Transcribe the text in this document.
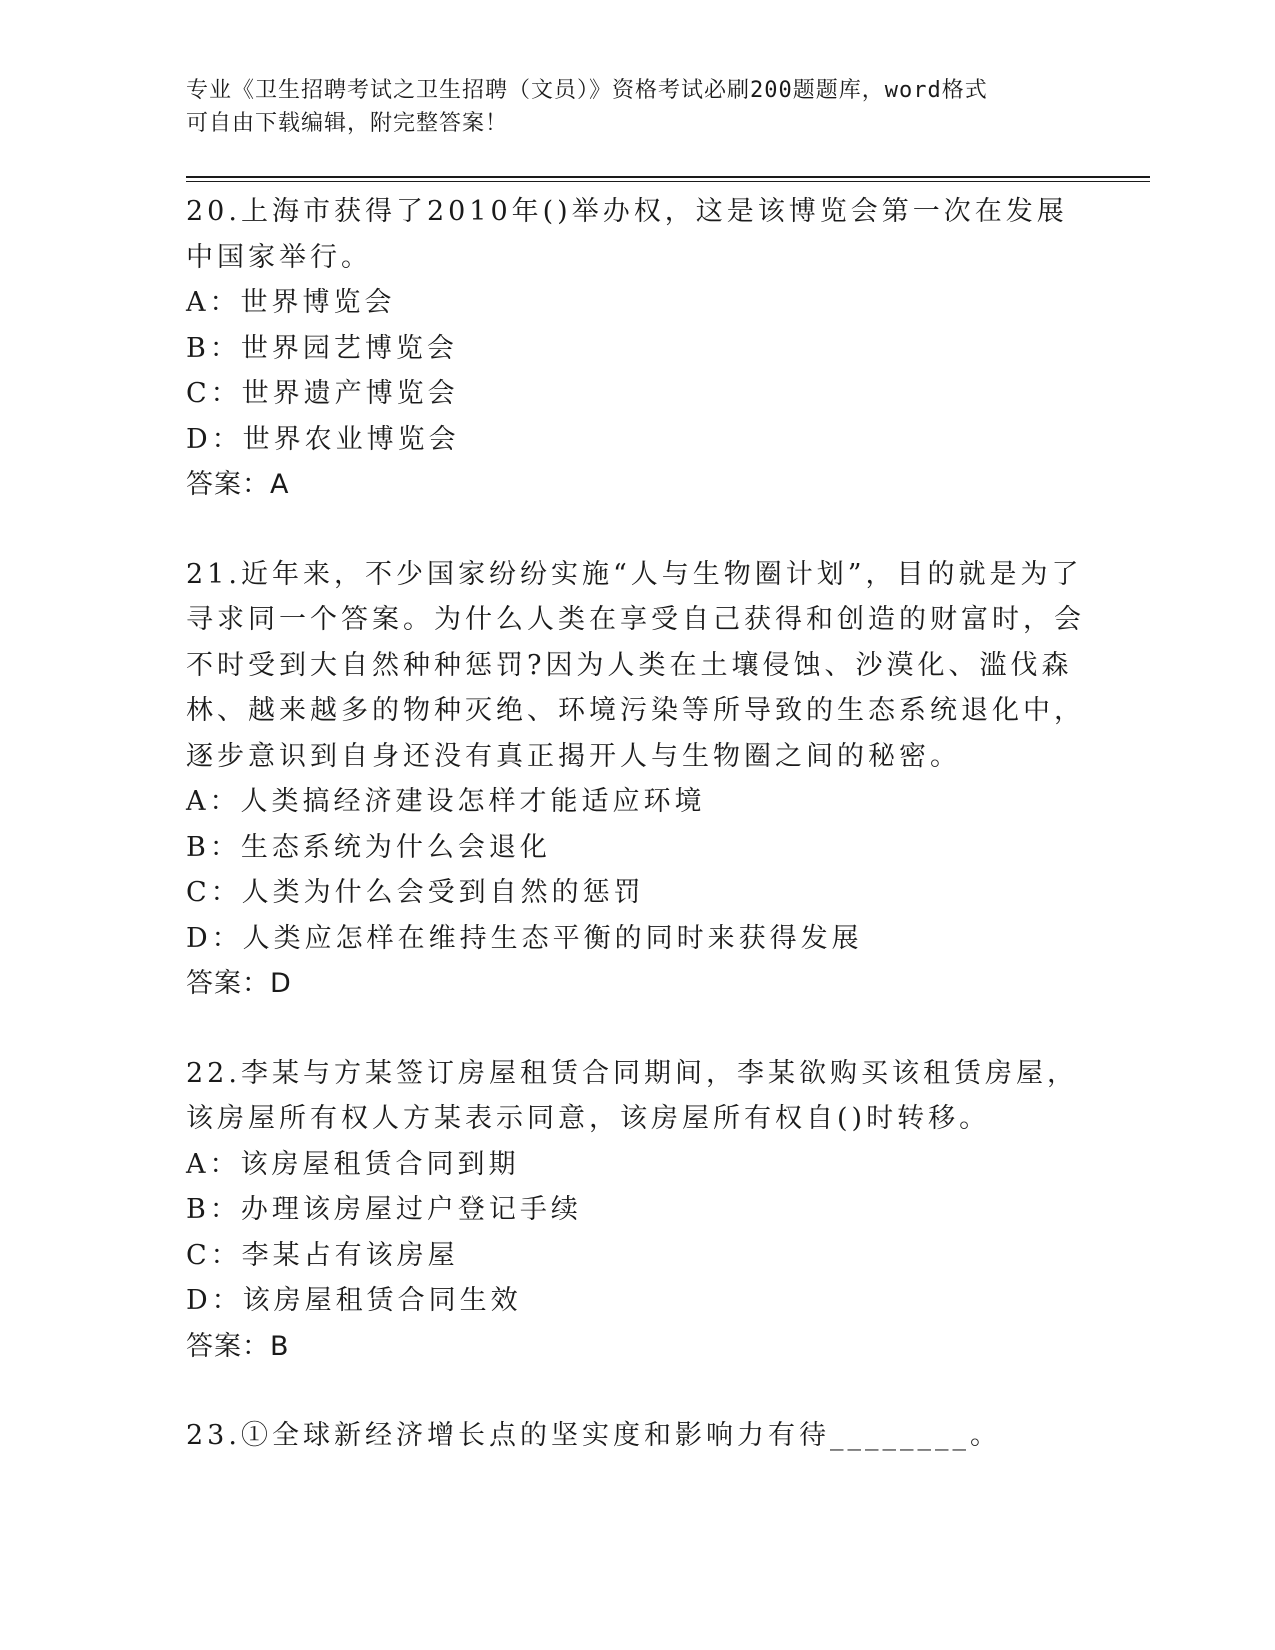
专业《卫生招聘考试之卫生招聘（文员）》资格考试必刷200题题库，word格式
可自由下载编辑，附完整答案！

20.上海市获得了2010年()举办权，这是该博览会第一次在发展中国家举行。

A：世界博览会
B：世界园艺博览会
C：世界遗产博览会
D：世界农业博览会
答案：A

21.近年来，不少国家纷纷实施“人与生物圈计划”，目的就是为了寻求同一个答案。为什么人类在享受自己获得和创造的财富时，会不时受到大自然种种惩罚?因为人类在土壤侵蚀、沙漠化、滥伐森林、越来越多的物种灭绝、环境污染等所导致的生态系统退化中，逐步意识到自身还没有真正揭开人与生物圈之间的秘密。

A：人类搞经济建设怎样才能适应环境
B：生态系统为什么会退化
C：人类为什么会受到自然的惩罚
D：人类应怎样在维持生态平衡的同时来获得发展
答案：D

22.李某与方某签订房屋租赁合同期间，李某欲购买该租赁房屋，该房屋所有权人方某表示同意，该房屋所有权自()时转移。

A：该房屋租赁合同到期
B：办理该房屋过户登记手续
C：李某占有该房屋
D：该房屋租赁合同生效
答案：B

23.①全球新经济增长点的坚实度和影响力有待________。
